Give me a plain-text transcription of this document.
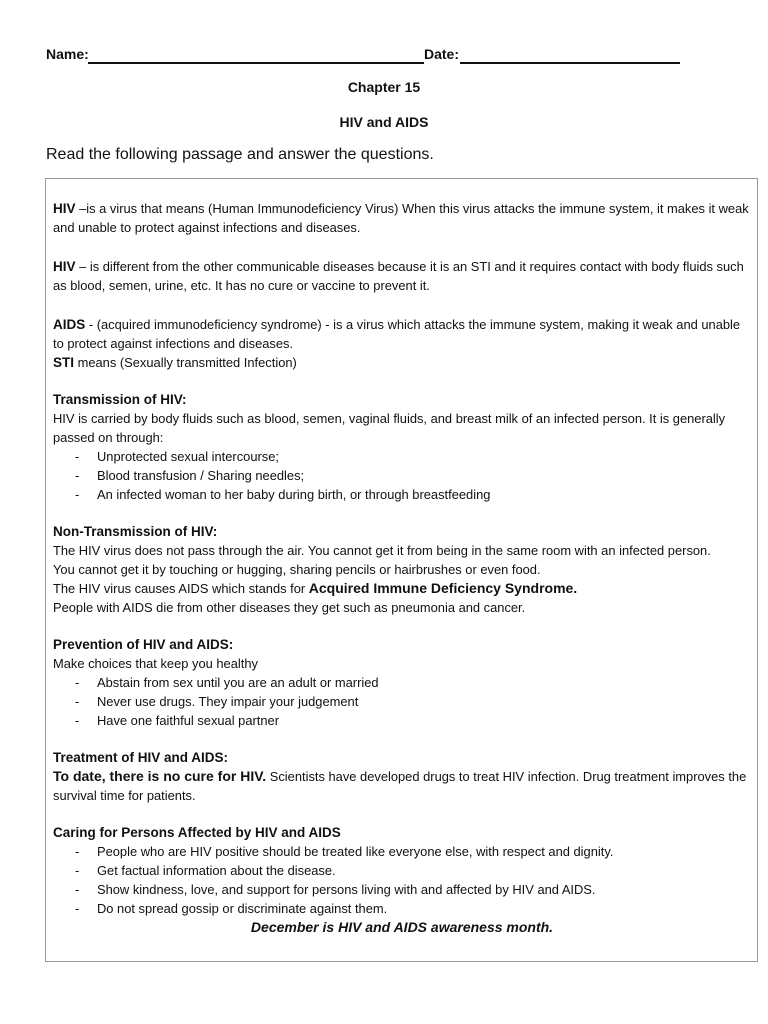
Name:	Date:
Chapter 15
HIV and AIDS
Read the following passage and answer the questions.

HIV –is a virus that means (Human Immunodeficiency Virus) When this virus attacks the immune system, it makes it weak and unable to protect against infections and diseases.

HIV – is different from the other communicable diseases because it is an STI and it requires contact with body fluids such as blood, semen, urine, etc. It has no cure or vaccine to prevent it.

AIDS - (acquired immunodeficiency syndrome) - is a virus which attacks the immune system, making it weak and unable to protect against infections and diseases.

STI means (Sexually transmitted Infection)

Transmission of HIV:

HIV is carried by body fluids such as blood, semen, vaginal fluids, and breast milk of an infected person. It is generally passed on through:

- Unprotected sexual intercourse;
- Blood transfusion / Sharing needles;
- An infected woman to her baby during birth, or through breastfeeding

Non-Transmission of HIV:

The HIV virus does not pass through the air. You cannot get it from being in the same room with an infected person.

You cannot get it by touching or hugging, sharing pencils or hairbrushes or even food.

The HIV virus causes AIDS which stands for Acquired Immune Deficiency Syndrome.

People with AIDS die from other diseases they get such as pneumonia and cancer.

Prevention of HIV and AIDS:

Make choices that keep you healthy

- Abstain from sex until you are an adult or married
- Never use drugs. They impair your judgement
- Have one faithful sexual partner

Treatment of HIV and AIDS:

To date, there is no cure for HIV. Scientists have developed drugs to treat HIV infection. Drug treatment improves the survival time for patients.

Caring for Persons Affected by HIV and AIDS

- People who are HIV positive should be treated like everyone else, with respect and dignity.
- Get factual information about the disease.
- Show kindness, love, and support for persons living with and affected by HIV and AIDS.
- Do not spread gossip or discriminate against them.

December is HIV and AIDS awareness month.
